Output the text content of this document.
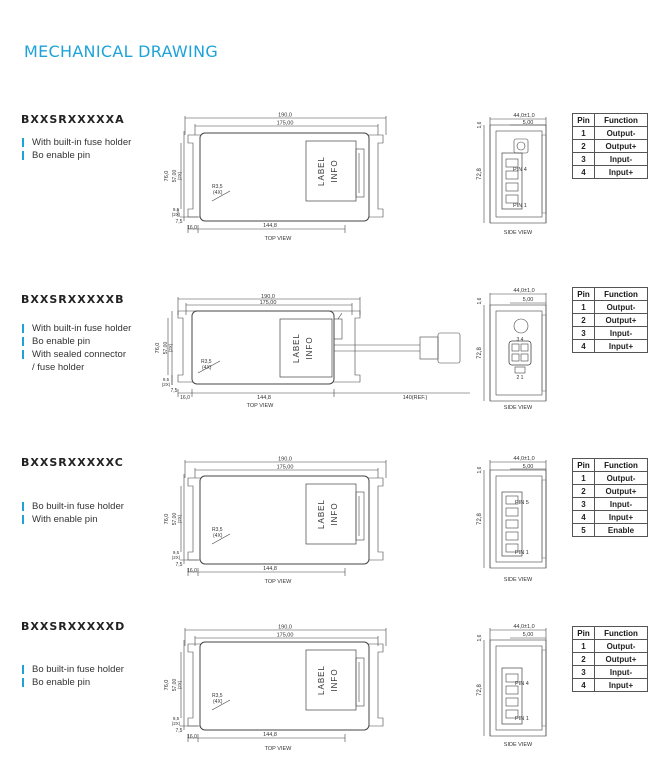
MECHANICAL DRAWING
BXXSRXXXXXA
With built-in fuse holder
Bo enable pin
190,0
175,00
76,0 57,00 (2X)
9,5
(2X)
7,5
16,0	144,8
R3,5
(4X)
LABEL INFO
TOP VIEW
44,0±1,0
5,00
72,8
1,6
PIN 4
PIN 1
SIDE VIEW
Pin	Function
1	Output-
2	Output+
3	Input-
4	Input+
BXXSRXXXXXB
With built-in fuse holder
Bo enable pin
With sealed connector
/ fuse holder
190,0
175,00
76,0 57,00 (2X)
9,5
(2X)
7,5
16,0	144,8	140(REF.)
R3,5
(4X)
LABEL INFO
TOP VIEW
44,0±1,0
5,00
72,8
1,6
3 4
2 1
SIDE VIEW
Pin	Function
1	Output-
2	Output+
3	Input-
4	Input+
BXXSRXXXXXC
Bo built-in fuse holder
With enable pin
190,0
175,00
76,0 57,00 (2X)
9,5
(2X)
7,5
16,0	144,8
R3,5
(4X)
LABEL INFO
TOP VIEW
44,0±1,0
5,00
72,8
1,6
PIN 5
PIN 1
SIDE VIEW
Pin	Function
1	Output-
2	Output+
3	Input-
4	Input+
5	Enable
BXXSRXXXXXD
Bo built-in fuse holder
Bo enable pin
190,0
175,00
76,0 57,00 (2X)
9,5
(2X)
7,5
16,0	144,8
R3,5
(4X)
LABEL INFO
TOP VIEW
44,0±1,0
5,00
72,8
1,6
PIN 4
PIN 1
SIDE VIEW
Pin	Function
1	Output-
2	Output+
3	Input-
4	Input+
